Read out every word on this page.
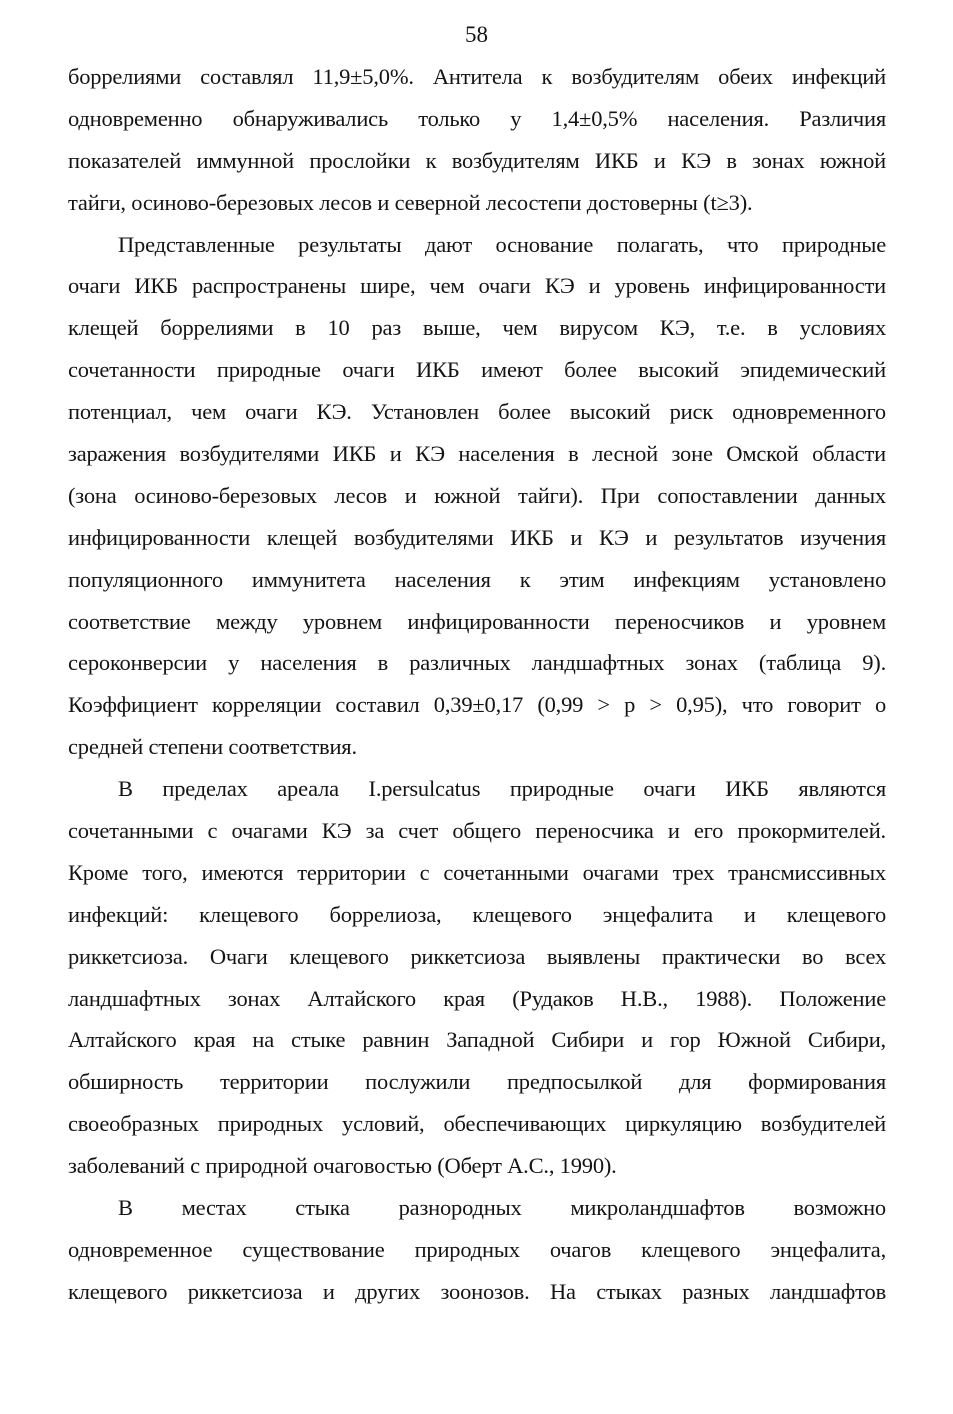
58
боррелиями составлял 11,9±5,0%. Антитела к возбудителям обеих инфекций
одновременно обнаруживались только у 1,4±0,5% населения. Различия
показателей иммунной прослойки к возбудителям ИКБ и КЭ в зонах южной
тайги, осиново-березовых лесов и северной лесостепи достоверны (t≥3).
Представленные результаты дают основание полагать, что природные
очаги ИКБ распространены шире, чем очаги КЭ и уровень инфицированности
клещей боррелиями в 10 раз выше, чем вирусом КЭ, т.е. в условиях
сочетанности природные очаги ИКБ имеют более высокий эпидемический
потенциал, чем очаги КЭ. Установлен более высокий риск одновременного
заражения возбудителями ИКБ и КЭ населения в лесной зоне Омской области
(зона осиново-березовых лесов и южной тайги). При сопоставлении данных
инфицированности клещей возбудителями ИКБ и КЭ и результатов изучения
популяционного иммунитета населения к этим инфекциям установлено
соответствие между уровнем инфицированности переносчиков и уровнем
сероконверсии у населения в различных ландшафтных зонах (таблица 9).
Коэффициент корреляции составил 0,39±0,17 (0,99 > p > 0,95), что говорит о
средней степени соответствия.
В пределах ареала I.persulcatus природные очаги ИКБ являются
сочетанными с очагами КЭ за счет общего переносчика и его прокормителей.
Кроме того, имеются территории с сочетанными очагами трех трансмиссивных
инфекций: клещевого боррелиоза, клещевого энцефалита и клещевого
риккетсиоза. Очаги клещевого риккетсиоза выявлены практически во всех
ландшафтных зонах Алтайского края (Рудаков Н.В., 1988). Положение
Алтайского края на стыке равнин Западной Сибири и гор Южной Сибири,
обширность территории послужили предпосылкой для формирования
своеобразных природных условий, обеспечивающих циркуляцию возбудителей
заболеваний с природной очаговостью (Оберт А.С., 1990).
В местах стыка разнородных микроландшафтов возможно
одновременное существование природных очагов клещевого энцефалита,
клещевого риккетсиоза и других зоонозов. На стыках разных ландшафтов
